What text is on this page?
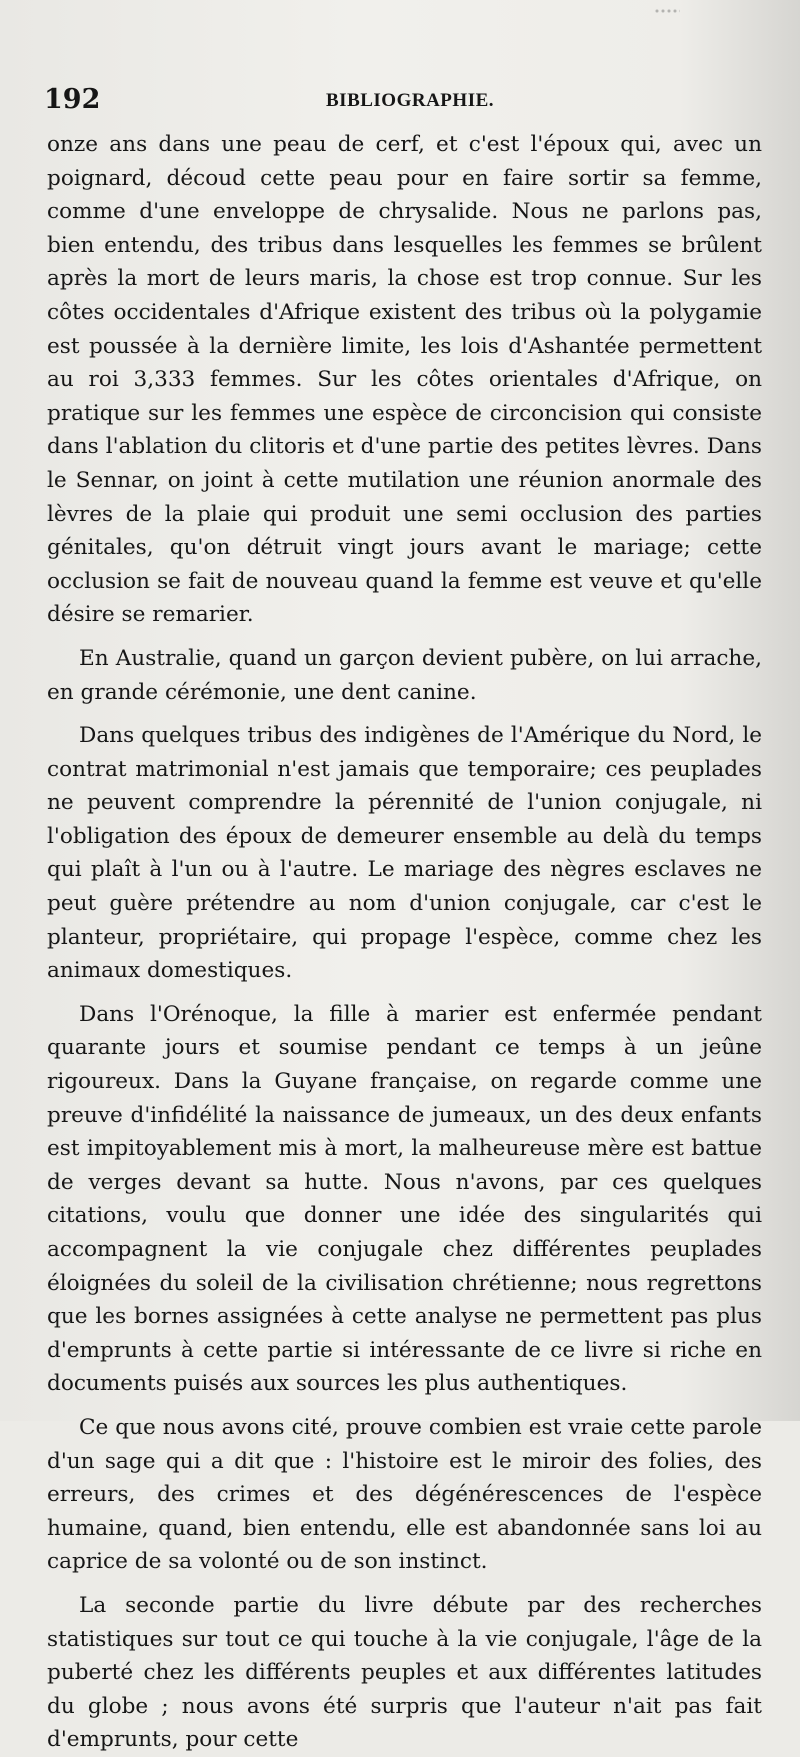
192	BIBLIOGRAPHIE.

onze ans dans une peau de cerf, et c'est l'époux qui, avec un poignard, découd cette peau pour en faire sortir sa femme, comme d'une enveloppe de chrysalide. Nous ne parlons pas, bien entendu, des tribus dans lesquelles les femmes se brûlent après la mort de leurs maris, la chose est trop connue. Sur les côtes occidentales d'Afrique existent des tribus où la polygamie est poussée à la dernière limite, les lois d'Ashantée permettent au roi 3,333 femmes. Sur les côtes orientales d'Afrique, on pratique sur les femmes une espèce de circoncision qui consiste dans l'ablation du clitoris et d'une partie des petites lèvres. Dans le Sennar, on joint à cette mutilation une réunion anormale des lèvres de la plaie qui produit une semi occlusion des parties génitales, qu'on détruit vingt jours avant le mariage; cette occlusion se fait de nouveau quand la femme est veuve et qu'elle désire se remarier.

En Australie, quand un garçon devient pubère, on lui arrache, en grande cérémonie, une dent canine.

Dans quelques tribus des indigènes de l'Amérique du Nord, le contrat matrimonial n'est jamais que temporaire; ces peuplades ne peuvent comprendre la pérennité de l'union conjugale, ni l'obligation des époux de demeurer ensemble au delà du temps qui plaît à l'un ou à l'autre. Le mariage des nègres esclaves ne peut guère prétendre au nom d'union conjugale, car c'est le planteur, propriétaire, qui propage l'espèce, comme chez les animaux domestiques.

Dans l'Orénoque, la fille à marier est enfermée pendant quarante jours et soumise pendant ce temps à un jeûne rigoureux. Dans la Guyane française, on regarde comme une preuve d'infidélité la naissance de jumeaux, un des deux enfants est impitoyablement mis à mort, la malheureuse mère est battue de verges devant sa hutte. Nous n'avons, par ces quelques citations, voulu que donner une idée des singularités qui accompagnent la vie conjugale chez différentes peuplades éloignées du soleil de la civilisation chrétienne; nous regrettons que les bornes assignées à cette analyse ne permettent pas plus d'emprunts à cette partie si intéressante de ce livre si riche en documents puisés aux sources les plus authentiques.

Ce que nous avons cité, prouve combien est vraie cette parole d'un sage qui a dit que : l'histoire est le miroir des folies, des erreurs, des crimes et des dégénérescences de l'espèce humaine, quand, bien entendu, elle est abandonnée sans loi au caprice de sa volonté ou de son instinct.

La seconde partie du livre débute par des recherches statistiques sur tout ce qui touche à la vie conjugale, l'âge de la puberté chez les différents peuples et aux différentes latitudes du globe ; nous avons été surpris que l'auteur n'ait pas fait d'emprunts, pour cette
